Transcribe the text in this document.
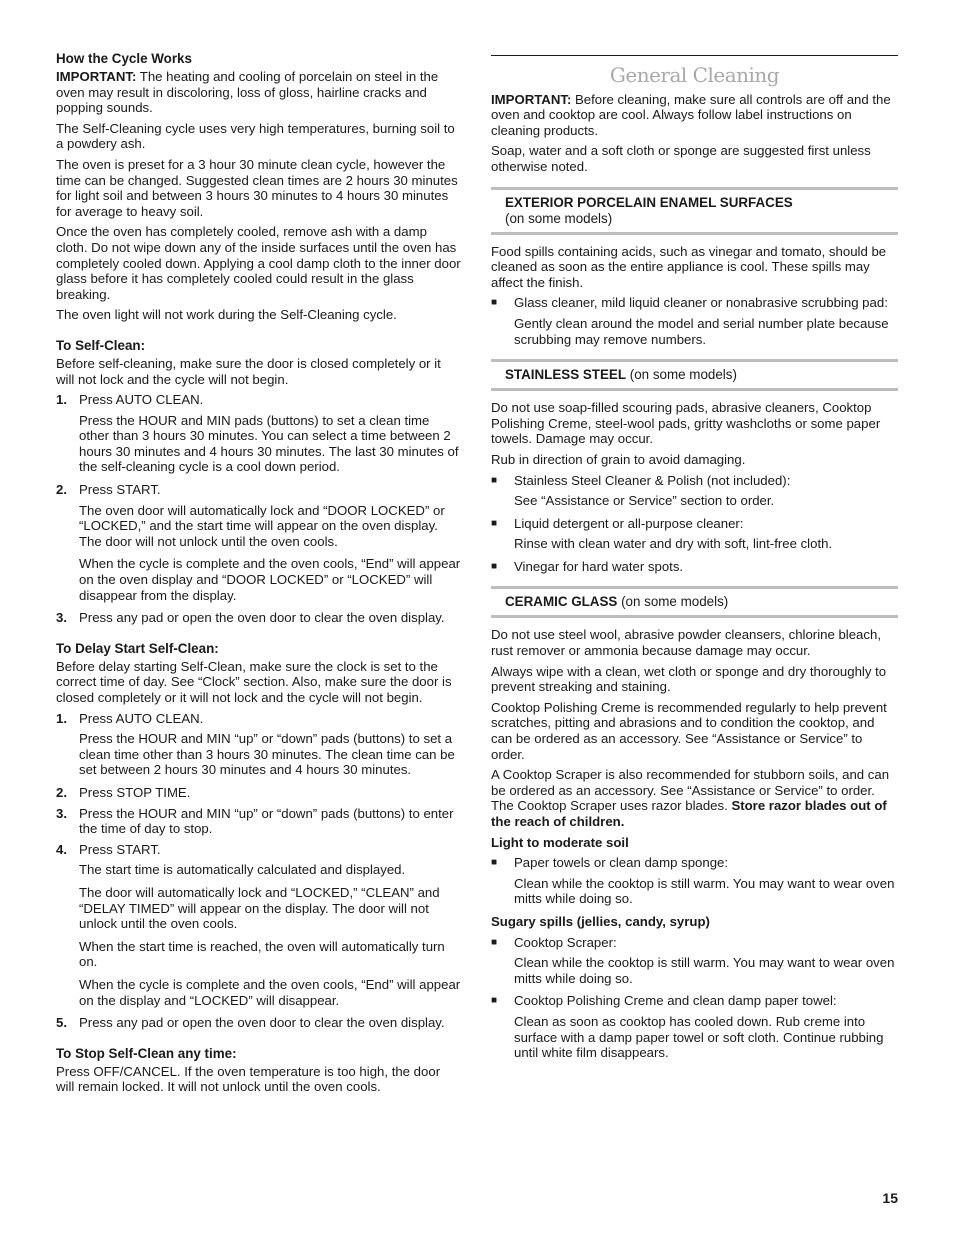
How the Cycle Works

IMPORTANT: The heating and cooling of porcelain on steel in the oven may result in discoloring, loss of gloss, hairline cracks and popping sounds.

The Self-Cleaning cycle uses very high temperatures, burning soil to a powdery ash.

The oven is preset for a 3 hour 30 minute clean cycle, however the time can be changed. Suggested clean times are 2 hours 30 minutes for light soil and between 3 hours 30 minutes to 4 hours 30 minutes for average to heavy soil.

Once the oven has completely cooled, remove ash with a damp cloth. Do not wipe down any of the inside surfaces until the oven has completely cooled down. Applying a cool damp cloth to the inner door glass before it has completely cooled could result in the glass breaking.

The oven light will not work during the Self-Cleaning cycle.

To Self-Clean:

Before self-cleaning, make sure the door is closed completely or it will not lock and the cycle will not begin.

1. Press AUTO CLEAN.

Press the HOUR and MIN pads (buttons) to set a clean time other than 3 hours 30 minutes. You can select a time between 2 hours 30 minutes and 4 hours 30 minutes. The last 30 minutes of the self-cleaning cycle is a cool down period.

2. Press START.

The oven door will automatically lock and “DOOR LOCKED” or “LOCKED,” and the start time will appear on the oven display. The door will not unlock until the oven cools.

When the cycle is complete and the oven cools, “End” will appear on the oven display and “DOOR LOCKED” or “LOCKED” will disappear from the display.

3. Press any pad or open the oven door to clear the oven display.
To Delay Start Self-Clean:

Before delay starting Self-Clean, make sure the clock is set to the correct time of day. See “Clock” section. Also, make sure the door is closed completely or it will not lock and the cycle will not begin.

1. Press AUTO CLEAN.

Press the HOUR and MIN “up” or “down” pads (buttons) to set a clean time other than 3 hours 30 minutes. The clean time can be set between 2 hours 30 minutes and 4 hours 30 minutes.

2. Press STOP TIME.
3. Press the HOUR and MIN “up” or “down” pads (buttons) to enter the time of day to stop.
4. Press START.

The start time is automatically calculated and displayed.

The door will automatically lock and “LOCKED,” “CLEAN” and “DELAY TIMED” will appear on the display. The door will not unlock until the oven cools.

When the start time is reached, the oven will automatically turn on.

When the cycle is complete and the oven cools, “End” will appear on the display and “LOCKED” will disappear.

5. Press any pad or open the oven door to clear the oven display.
To Stop Self-Clean any time:

Press OFF/CANCEL. If the oven temperature is too high, the door will remain locked. It will not unlock until the oven cools.

General Cleaning

IMPORTANT: Before cleaning, make sure all controls are off and the oven and cooktop are cool. Always follow label instructions on cleaning products.

Soap, water and a soft cloth or sponge are suggested first unless otherwise noted.

EXTERIOR PORCELAIN ENAMEL SURFACES
(on some models)

Food spills containing acids, such as vinegar and tomato, should be cleaned as soon as the entire appliance is cool. These spills may affect the finish.

■	Glass cleaner, mild liquid cleaner or nonabrasive scrubbing pad:

Gently clean around the model and serial number plate because scrubbing may remove numbers.

STAINLESS STEEL (on some models)

Do not use soap-filled scouring pads, abrasive cleaners, Cooktop Polishing Creme, steel-wool pads, gritty washcloths or some paper towels. Damage may occur.

Rub in direction of grain to avoid damaging.

■	Stainless Steel Cleaner & Polish (not included):

See “Assistance or Service” section to order.

■	Liquid detergent or all-purpose cleaner:

Rinse with clean water and dry with soft, lint-free cloth.

■	Vinegar for hard water spots.
CERAMIC GLASS (on some models)

Do not use steel wool, abrasive powder cleansers, chlorine bleach, rust remover or ammonia because damage may occur.

Always wipe with a clean, wet cloth or sponge and dry thoroughly to prevent streaking and staining.

Cooktop Polishing Creme is recommended regularly to help prevent scratches, pitting and abrasions and to condition the cooktop, and can be ordered as an accessory. See “Assistance or Service” to order.

A Cooktop Scraper is also recommended for stubborn soils, and can be ordered as an accessory. See “Assistance or Service” to order. The Cooktop Scraper uses razor blades. Store razor blades out of the reach of children.

Light to moderate soil
■	Paper towels or clean damp sponge:

Clean while the cooktop is still warm. You may want to wear oven mitts while doing so.

Sugary spills (jellies, candy, syrup)
■	Cooktop Scraper:

Clean while the cooktop is still warm. You may want to wear oven mitts while doing so.

■	Cooktop Polishing Creme and clean damp paper towel:

Clean as soon as cooktop has cooled down. Rub creme into surface with a damp paper towel or soft cloth. Continue rubbing until white film disappears.

15
